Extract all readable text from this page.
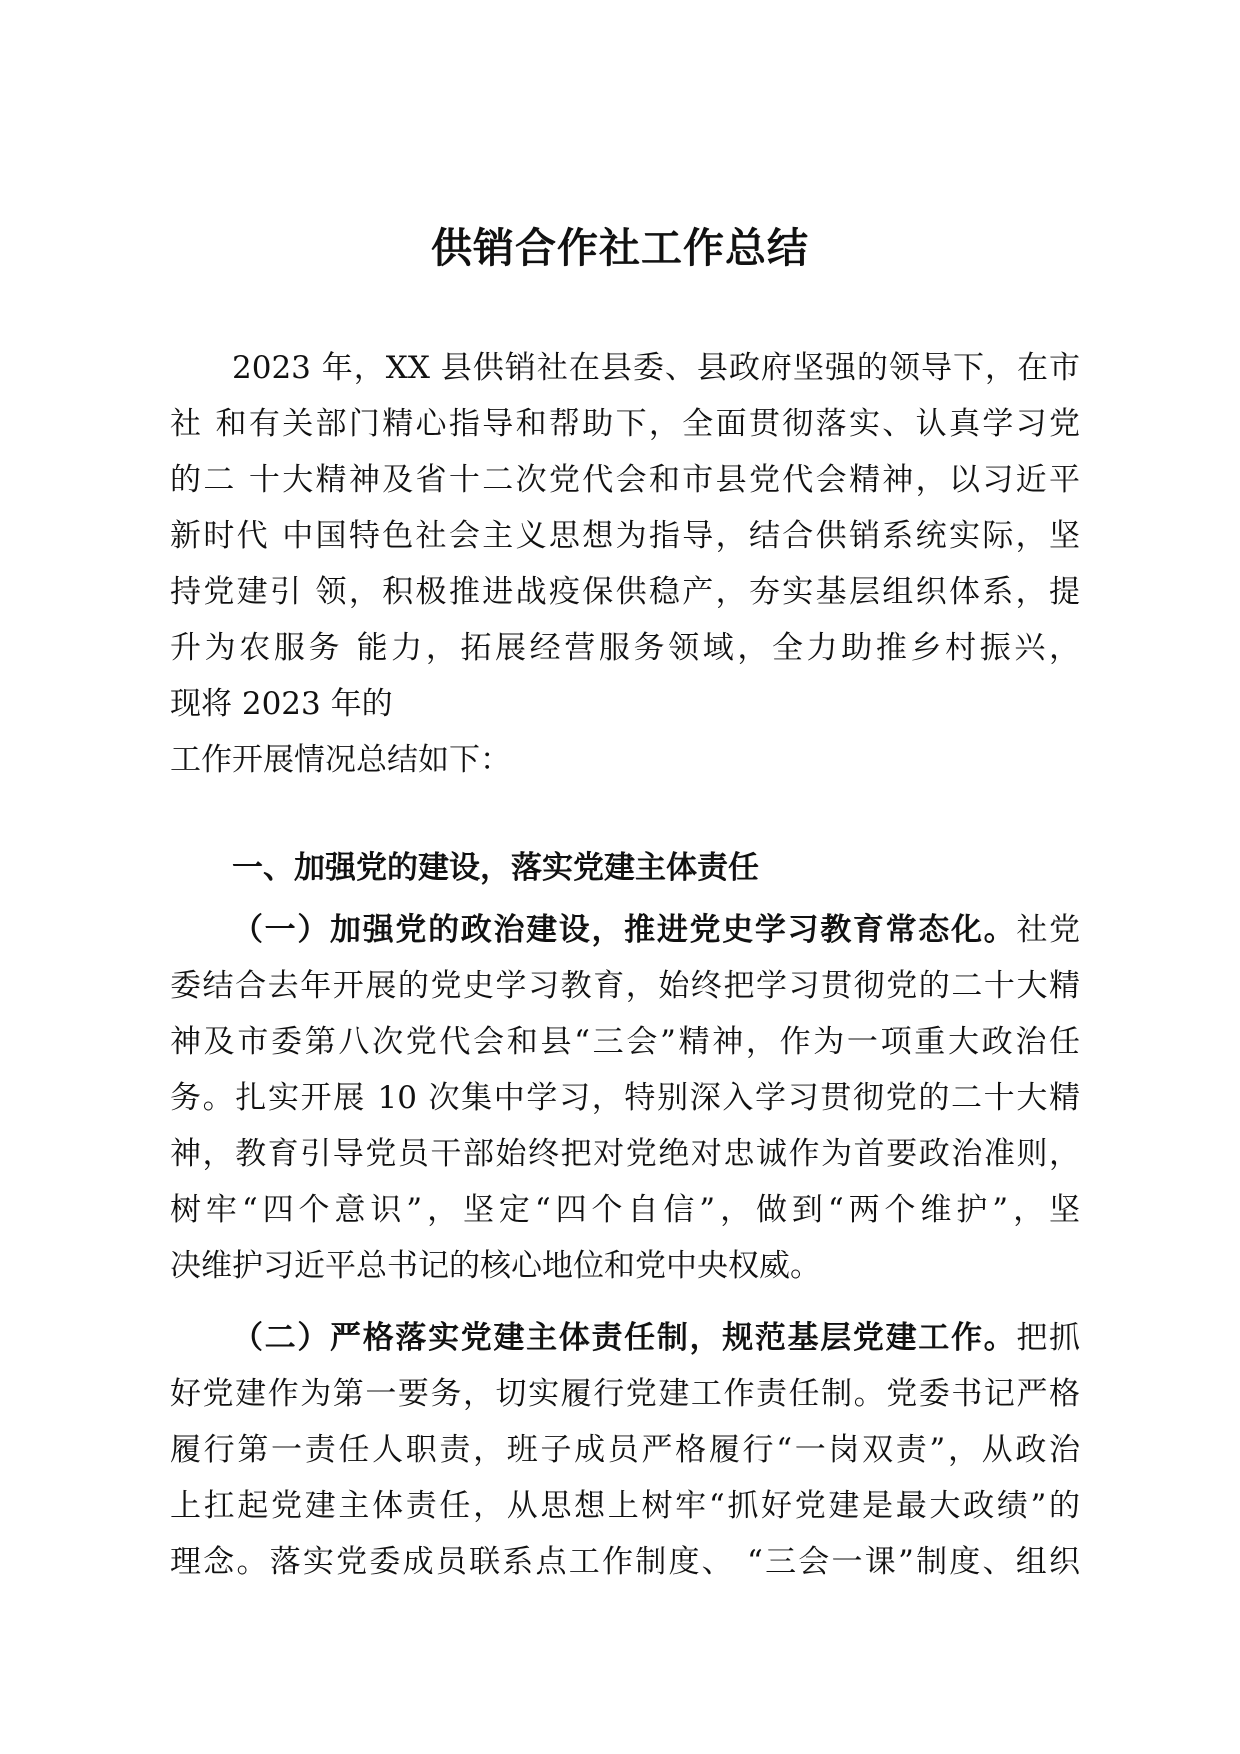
供销合作社工作总结
2023 年，XX 县供销社在县委、县政府坚强的领导下，在市
社 和有关部门精心指导和帮助下，全面贯彻落实、认真学习党
的二 十大精神及省十二次党代会和市县党代会精神，以习近平
新时代 中国特色社会主义思想为指导，结合供销系统实际，坚
持党建引 领，积极推进战疫保供稳产，夯实基层组织体系，提
升为农服务 能力，拓展经营服务领域，全力助推乡村振兴，
现将 2023 年的
工作开展情况总结如下：
一、加强党的建设，落实党建主体责任
（一）加强党的政治建设，推进党史学习教育常态化。社党
委结合去年开展的党史学习教育，始终把学习贯彻党的二十大精
神及市委第八次党代会和县“三会”精神，作为一项重大政治任
务。扎实开展 10 次集中学习，特别深入学习贯彻党的二十大精
神，教育引导党员干部始终把对党绝对忠诚作为首要政治准则，
树牢“四个意识”，坚定“四个自信”，做到“两个维护”，坚
决维护习近平总书记的核心地位和党中央权威。
（二）严格落实党建主体责任制，规范基层党建工作。把抓
好党建作为第一要务，切实履行党建工作责任制。党委书记严格
履行第一责任人职责，班子成员严格履行“一岗双责”，从政治
上扛起党建主体责任，从思想上树牢“抓好党建是最大政绩”的
理念。落实党委成员联系点工作制度、 “三会一课”制度、组织
